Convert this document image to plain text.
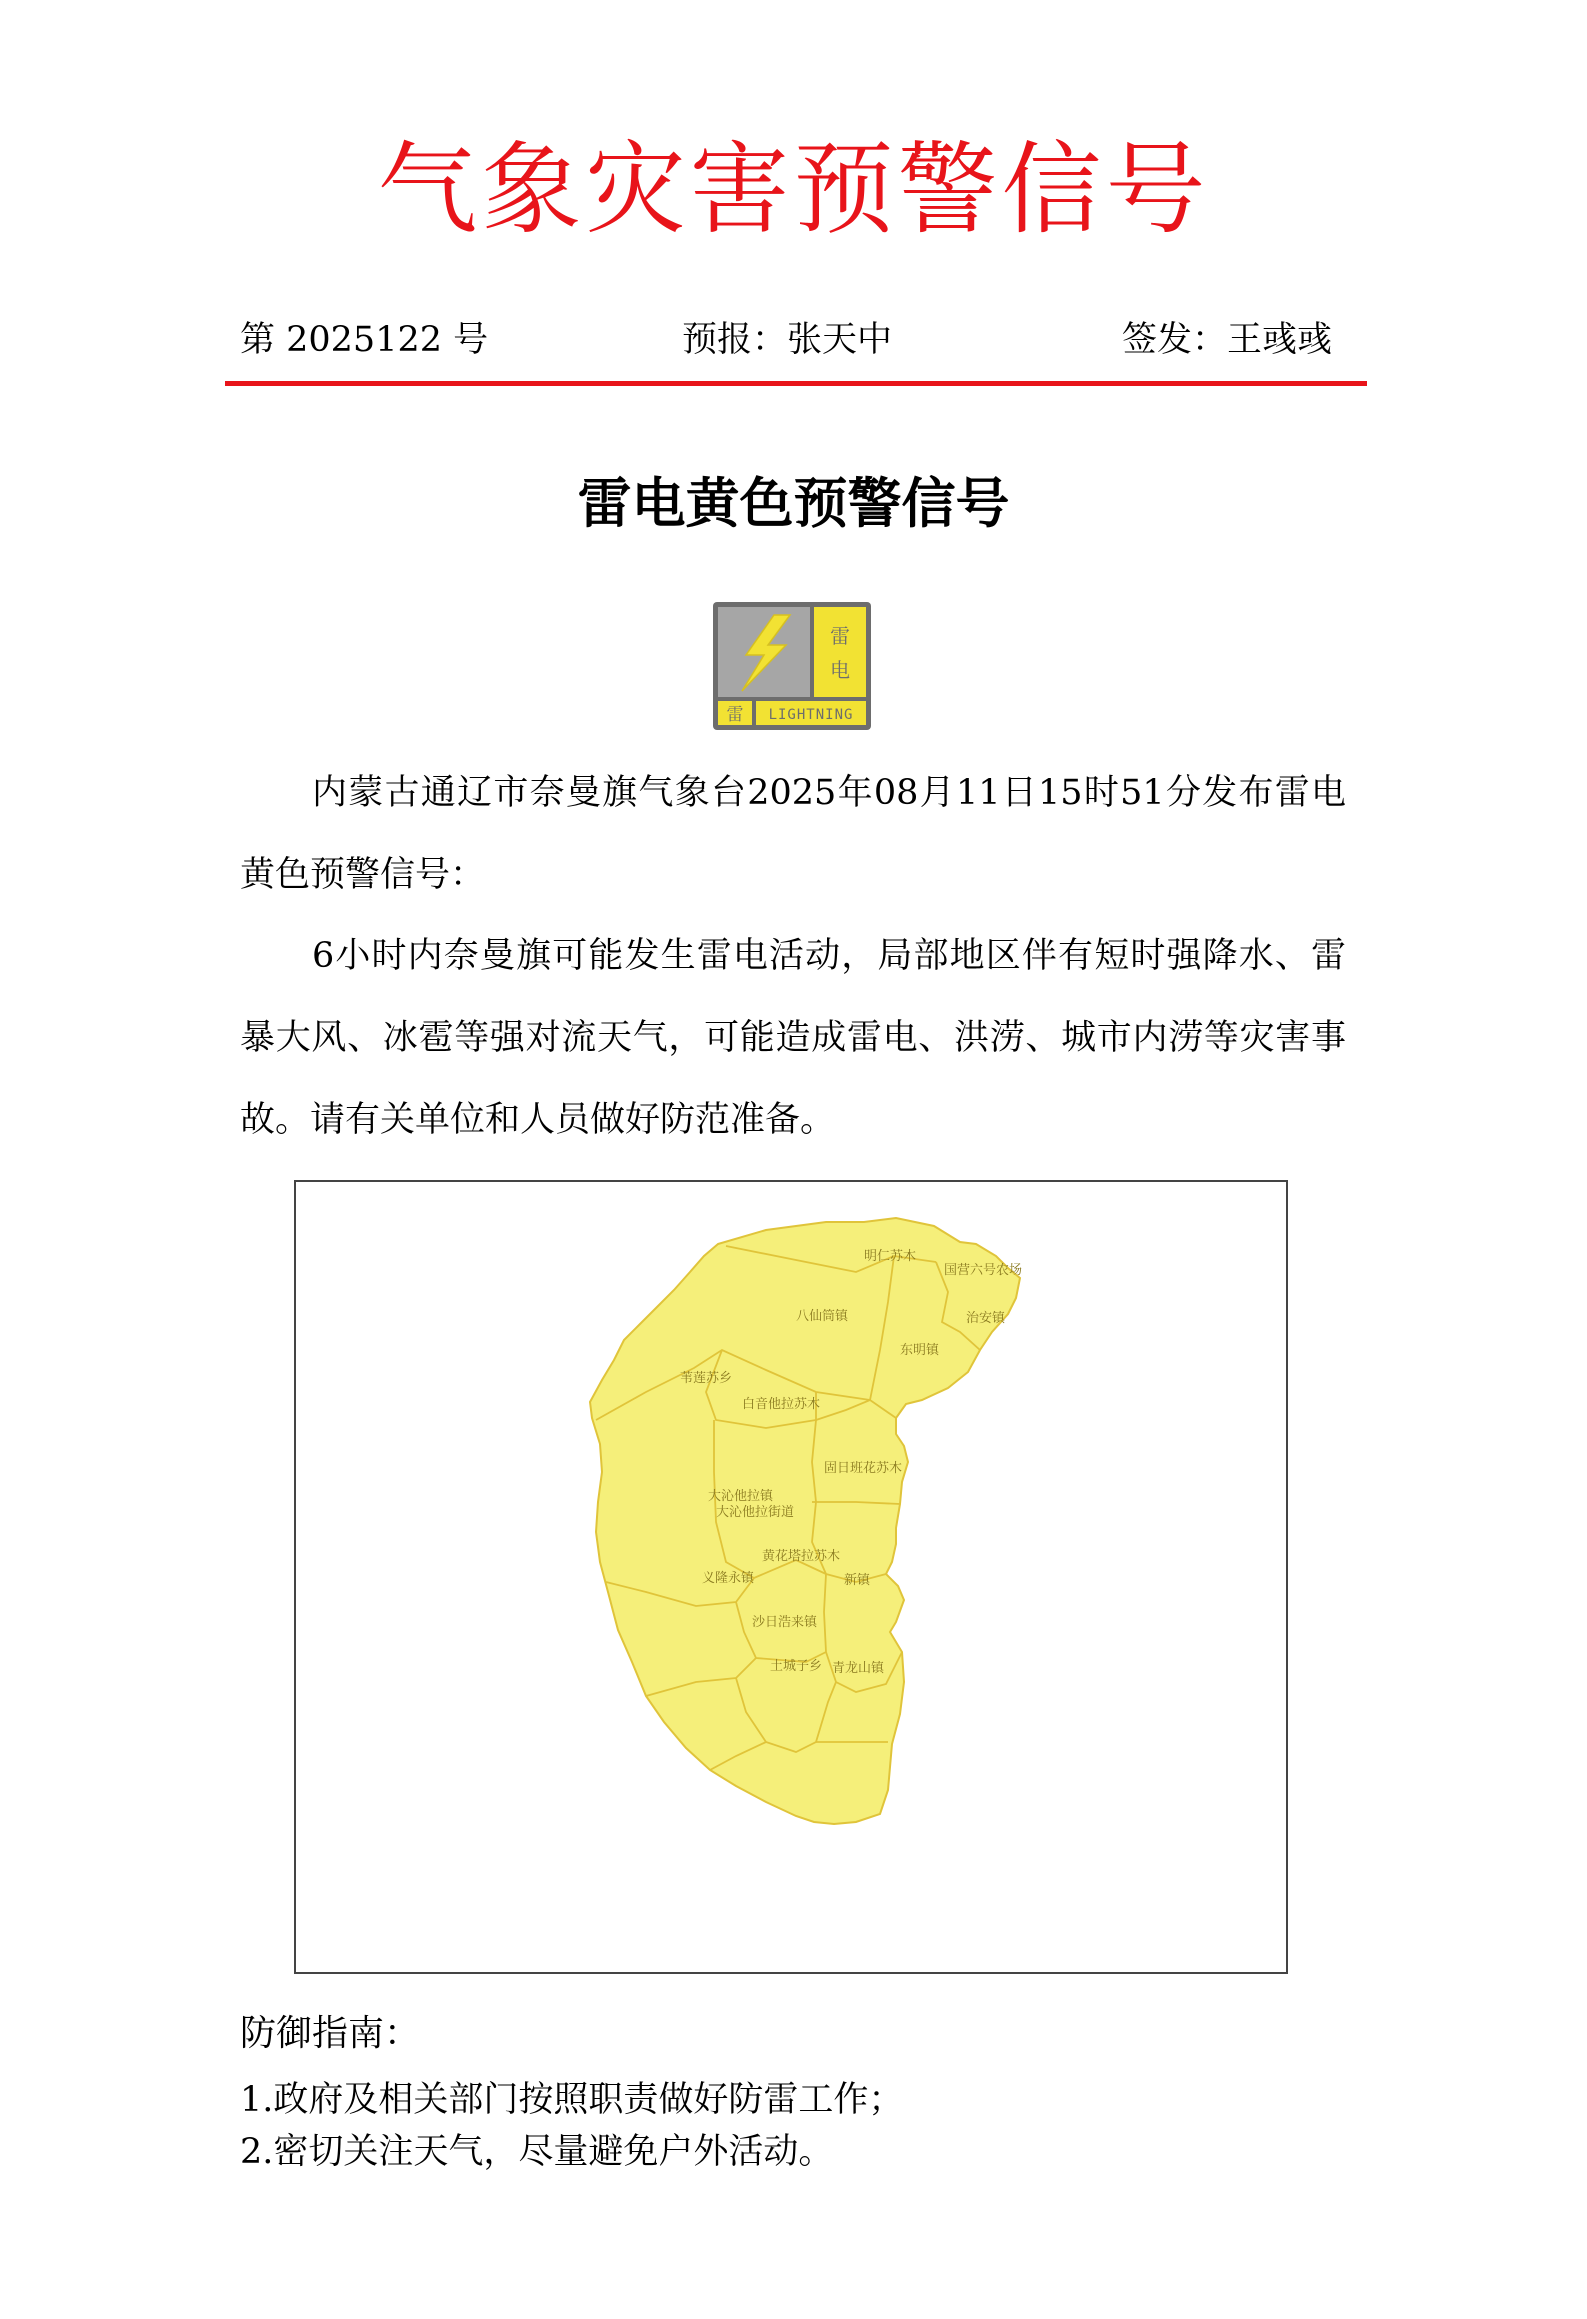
气象灾害预警信号
第 2025122 号	预报：张天中	签发：王彧彧
雷电黄色预警信号
雷
电
雷 LIGHTNING
内蒙古通辽市奈曼旗气象台2025年08月11日15时51分发布雷电黄色预警信号：
6小时内奈曼旗可能发生雷电活动，局部地区伴有短时强降水、雷暴大风、冰雹等强对流天气，可能造成雷电、洪涝、城市内涝等灾害事故。请有关单位和人员做好防范准备。
明仁苏木
国营六号农场
八仙筒镇
东明镇
治安镇
苇莲苏乡
白音他拉苏木
固日班花苏木
大沁他拉镇
大沁他拉街道
黄花塔拉苏木
义隆永镇	新镇
沙日浩来镇
土城子乡 青龙山镇
防御指南：
1.政府及相关部门按照职责做好防雷工作；
2.密切关注天气，尽量避免户外活动。
